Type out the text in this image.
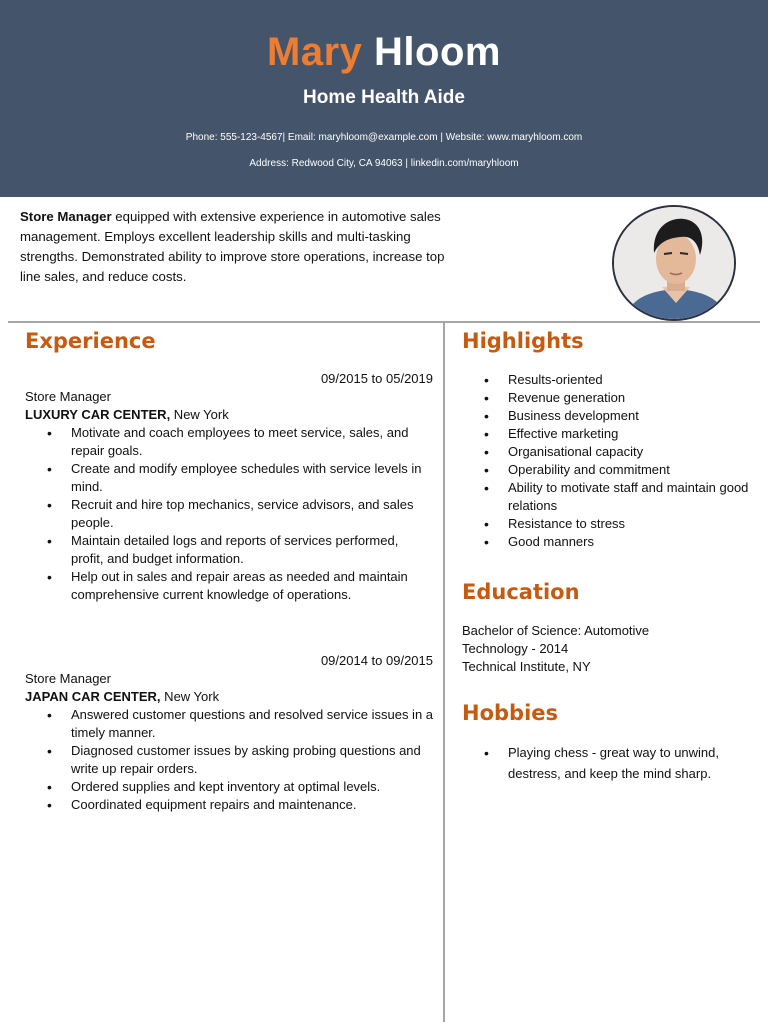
Mary Hloom
Home Health Aide
Phone: 555-123-4567| Email: maryhloom@example.com | Website: www.maryhloom.com
Address: Redwood City, CA 94063 | linkedin.com/maryhloom
Store Manager equipped with extensive experience in automotive sales management. Employs excellent leadership skills and multi-tasking strengths. Demonstrated ability to improve store operations, increase top line sales, and reduce costs.
Experience
09/2015 to 05/2019
Store Manager
LUXURY CAR CENTER, New York
• Motivate and coach employees to meet service, sales, and repair goals.
• Create and modify employee schedules with service levels in mind.
• Recruit and hire top mechanics, service advisors, and sales people.
• Maintain detailed logs and reports of services performed, profit, and budget information.
• Help out in sales and repair areas as needed and maintain comprehensive current knowledge of operations.
09/2014 to 09/2015
Store Manager
JAPAN CAR CENTER, New York
• Answered customer questions and resolved service issues in a timely manner.
• Diagnosed customer issues by asking probing questions and write up repair orders.
• Ordered supplies and kept inventory at optimal levels.
• Coordinated equipment repairs and maintenance.
Highlights
• Results-oriented
• Revenue generation
• Business development
• Effective marketing
• Organisational capacity
• Operability and commitment
• Ability to motivate staff and maintain good relations
• Resistance to stress
• Good manners
Education
Bachelor of Science: Automotive
Technology - 2014
Technical Institute, NY
Hobbies
• Playing chess - great way to unwind, destress, and keep the mind sharp.
